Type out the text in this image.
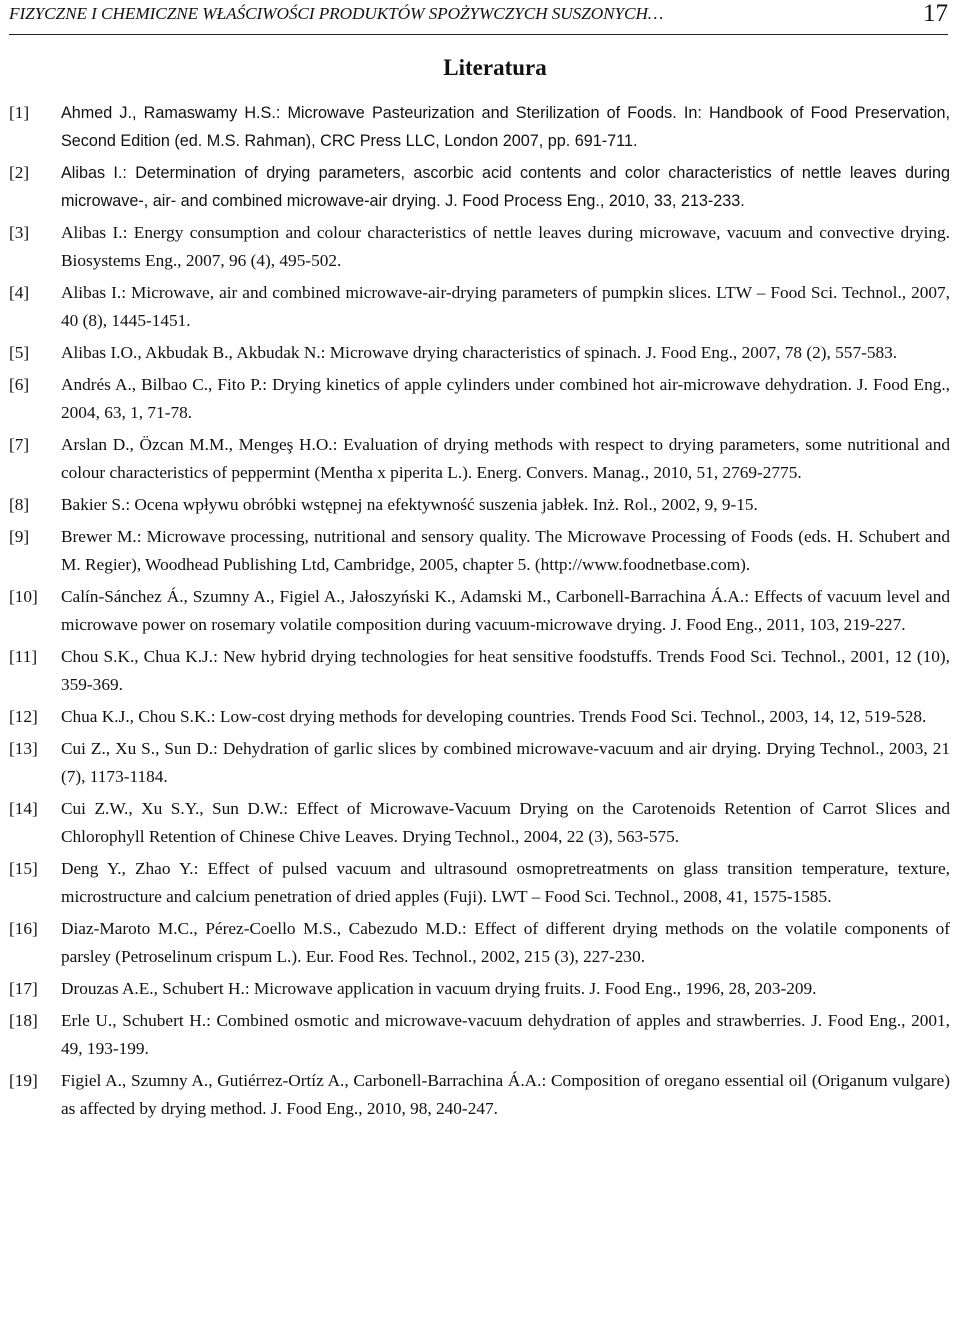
FIZYCZNE I CHEMICZNE WŁAŚCIWOŚCI PRODUKTÓW SPOŻYWCZYCH SUSZONYCH…	17
Literatura
[1] Ahmed J., Ramaswamy H.S.: Microwave Pasteurization and Sterilization of Foods. In: Handbook of Food Preservation, Second Edition (ed. M.S. Rahman), CRC Press LLC, London 2007, pp. 691-711.
[2] Alibas I.: Determination of drying parameters, ascorbic acid contents and color characteristics of nettle leaves during microwave-, air- and combined microwave-air drying. J. Food Process Eng., 2010, 33, 213-233.
[3] Alibas I.: Energy consumption and colour characteristics of nettle leaves during microwave, vacuum and convective drying. Biosystems Eng., 2007, 96 (4), 495-502.
[4] Alibas I.: Microwave, air and combined microwave-air-drying parameters of pumpkin slices. LTW – Food Sci. Technol., 2007, 40 (8), 1445-1451.
[5] Alibas I.O., Akbudak B., Akbudak N.: Microwave drying characteristics of spinach. J. Food Eng., 2007, 78 (2), 557-583.
[6] Andrés A., Bilbao C., Fito P.: Drying kinetics of apple cylinders under combined hot air-microwave dehydration. J. Food Eng., 2004, 63, 1, 71-78.
[7] Arslan D., Özcan M.M., Mengeş H.O.: Evaluation of drying methods with respect to drying parameters, some nutritional and colour characteristics of peppermint (Mentha x piperita L.). Energ. Convers. Manag., 2010, 51, 2769-2775.
[8] Bakier S.: Ocena wpływu obróbki wstępnej na efektywność suszenia jabłek. Inż. Rol., 2002, 9, 9-15.
[9] Brewer M.: Microwave processing, nutritional and sensory quality. The Microwave Processing of Foods (eds. H. Schubert and M. Regier), Woodhead Publishing Ltd, Cambridge, 2005, chapter 5. (http://www.foodnetbase.com).
[10] Calín-Sánchez Á., Szumny A., Figiel A., Jałoszyński K., Adamski M., Carbonell-Barrachina Á.A.: Effects of vacuum level and microwave power on rosemary volatile composition during vacuum-microwave drying. J. Food Eng., 2011, 103, 219-227.
[11] Chou S.K., Chua K.J.: New hybrid drying technologies for heat sensitive foodstuffs. Trends Food Sci. Technol., 2001, 12 (10), 359-369.
[12] Chua K.J., Chou S.K.: Low-cost drying methods for developing countries. Trends Food Sci. Technol., 2003, 14, 12, 519-528.
[13] Cui Z., Xu S., Sun D.: Dehydration of garlic slices by combined microwave-vacuum and air drying. Drying Technol., 2003, 21 (7), 1173-1184.
[14] Cui Z.W., Xu S.Y., Sun D.W.: Effect of Microwave-Vacuum Drying on the Carotenoids Retention of Carrot Slices and Chlorophyll Retention of Chinese Chive Leaves. Drying Technol., 2004, 22 (3), 563-575.
[15] Deng Y., Zhao Y.: Effect of pulsed vacuum and ultrasound osmopretreatments on glass transition temperature, texture, microstructure and calcium penetration of dried apples (Fuji). LWT – Food Sci. Technol., 2008, 41, 1575-1585.
[16] Diaz-Maroto M.C., Pérez-Coello M.S., Cabezudo M.D.: Effect of different drying methods on the volatile components of parsley (Petroselinum crispum L.). Eur. Food Res. Technol., 2002, 215 (3), 227-230.
[17] Drouzas A.E., Schubert H.: Microwave application in vacuum drying fruits. J. Food Eng., 1996, 28, 203-209.
[18] Erle U., Schubert H.: Combined osmotic and microwave-vacuum dehydration of apples and strawberries. J. Food Eng., 2001, 49, 193-199.
[19] Figiel A., Szumny A., Gutiérrez-Ortíz A., Carbonell-Barrachina Á.A.: Composition of oregano essential oil (Origanum vulgare) as affected by drying method. J. Food Eng., 2010, 98, 240-247.
